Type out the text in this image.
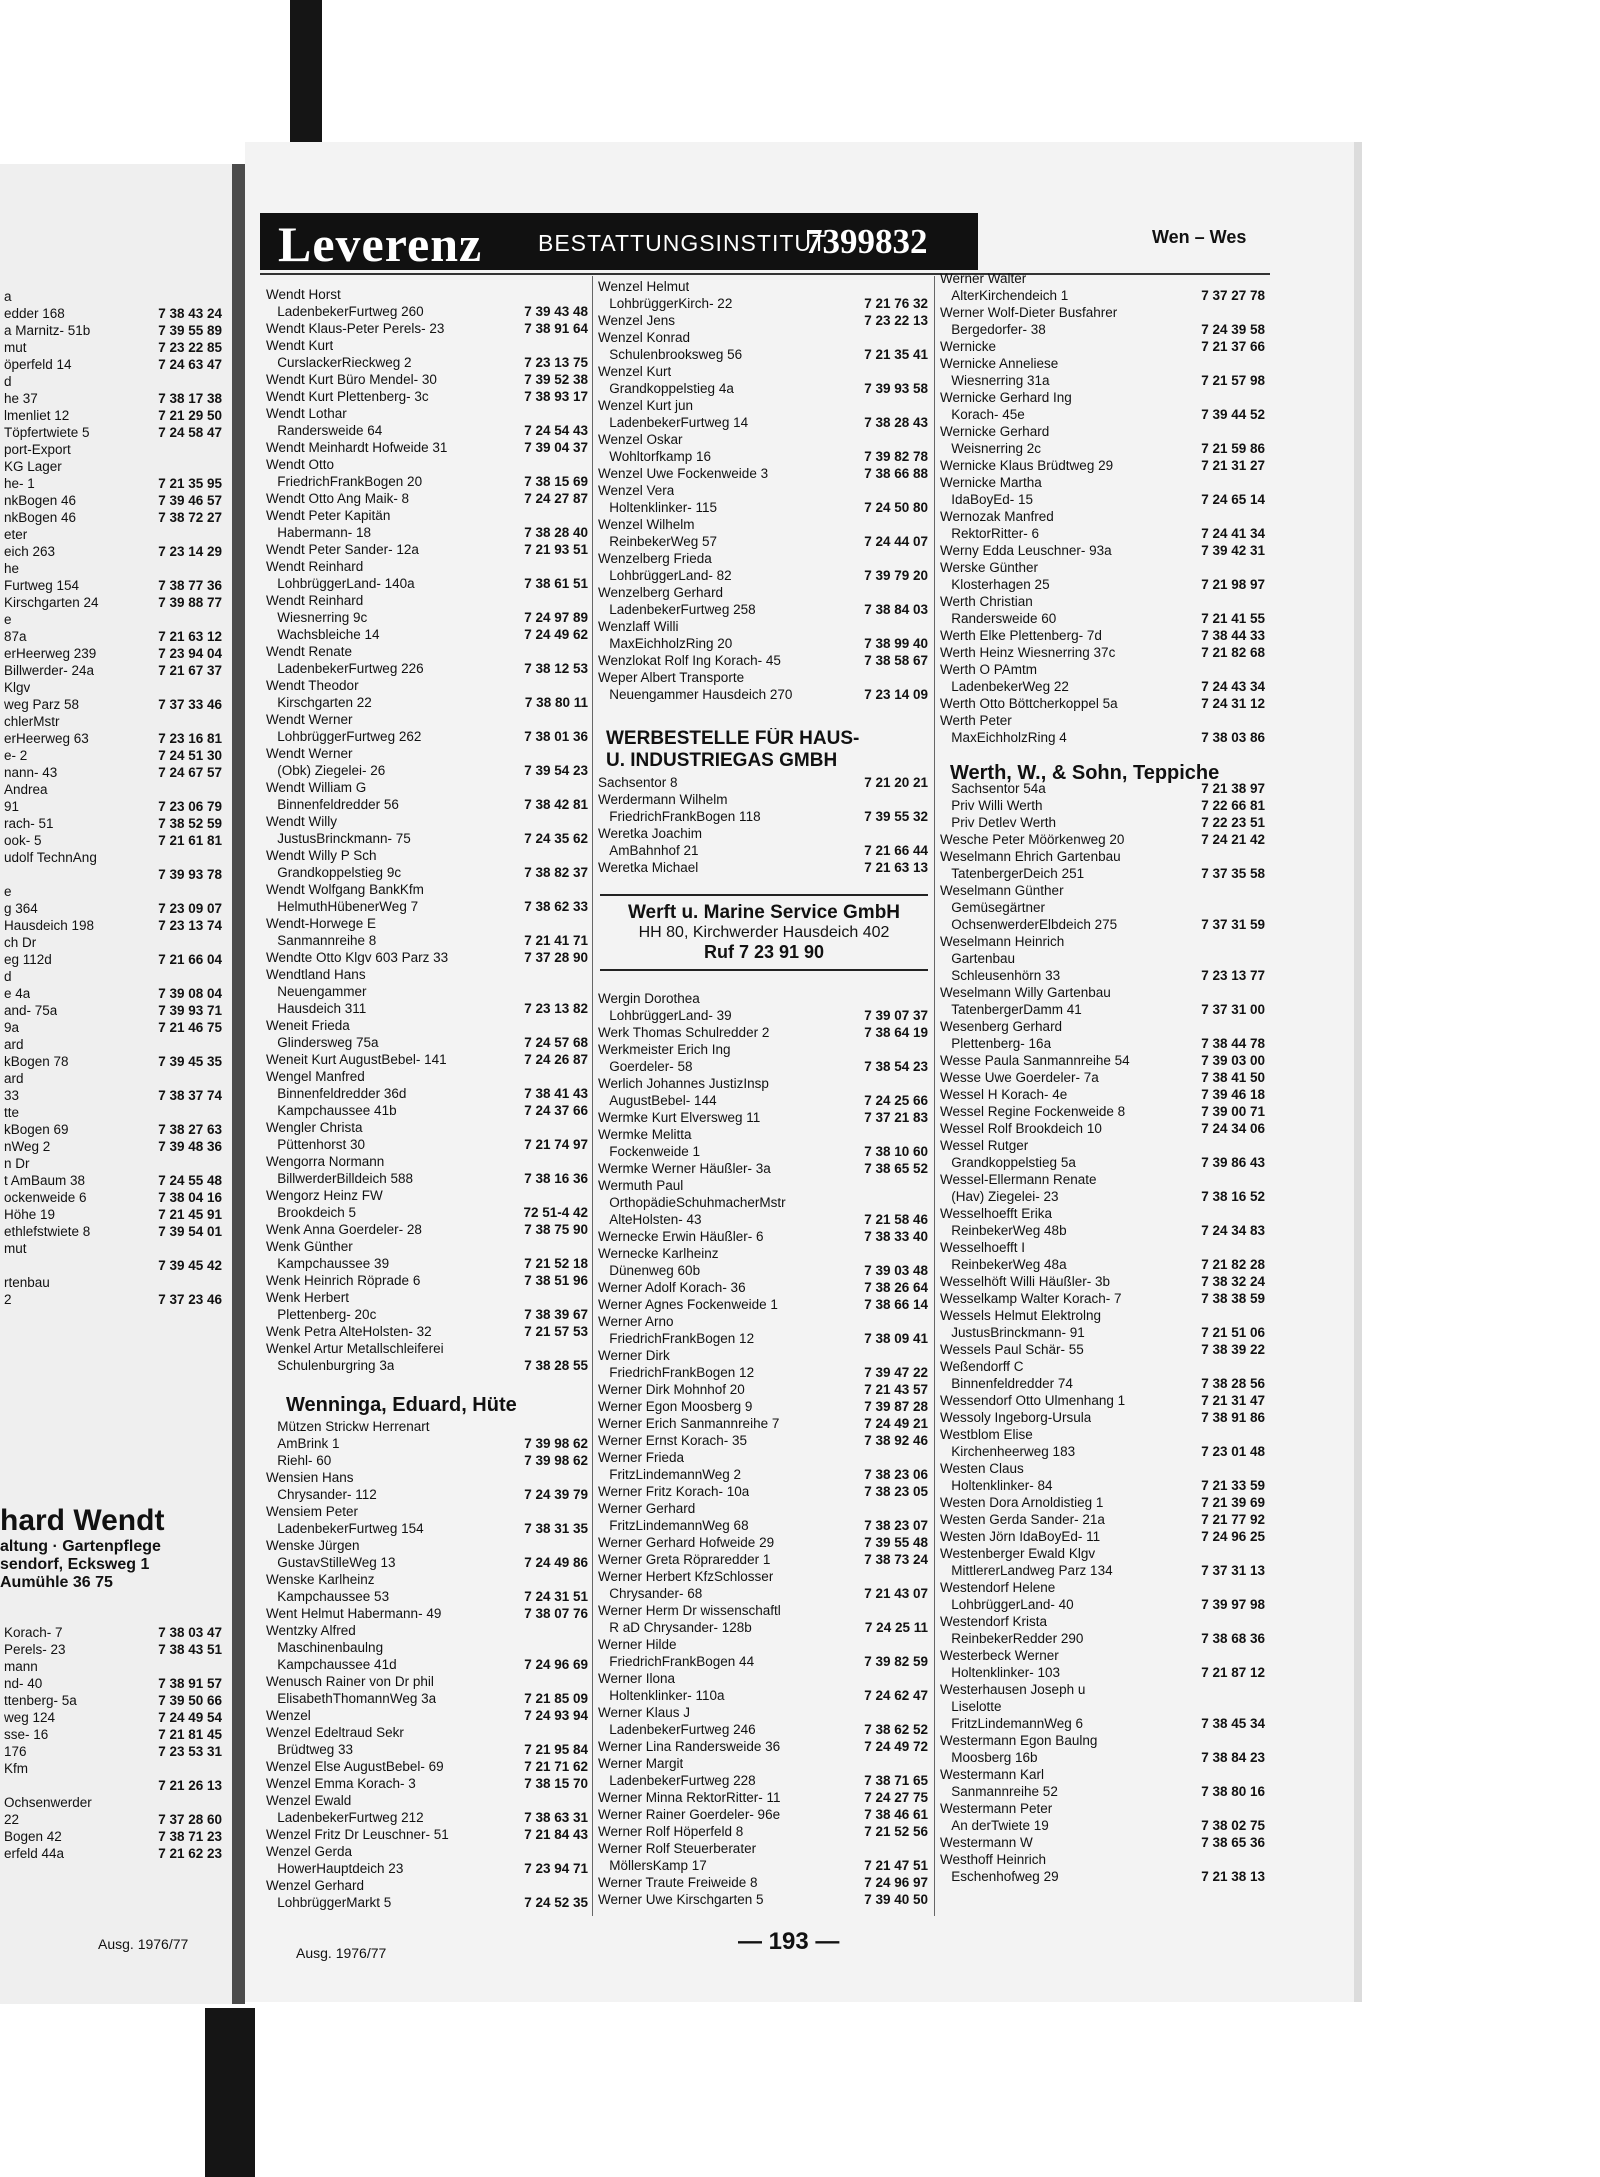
a
edder 168	7 38 43 24
a Marnitz- 51b	7 39 55 89
mut	7 23 22 85
öperfeld 14	7 24 63 47
d
he 37	7 38 17 38
lmenliet 12	7 21 29 50
Töpfertwiete 5	7 24 58 47
port-Export
KG Lager
he- 1	7 21 35 95
nkBogen 46	7 39 46 57
nkBogen 46	7 38 72 27
eter
eich 263	7 23 14 29
he
Furtweg 154	7 38 77 36
Kirschgarten 24	7 39 88 77
e
87a	7 21 63 12
erHeerweg 239	7 23 94 04
Billwerder- 24a	7 21 67 37
Klgv
weg Parz 58	7 37 33 46
chlerMstr
erHeerweg 63	7 23 16 81
e- 2	7 24 51 30
nann- 43	7 24 67 57
Andrea
91	7 23 06 79
rach- 51	7 38 52 59
ook- 5	7 21 61 81
udolf TechnAng
7 39 93 78
e
g 364	7 23 09 07
Hausdeich 198	7 23 13 74
ch Dr
eg 112d	7 21 66 04
d
e 4a	7 39 08 04
and- 75a	7 39 93 71
9a	7 21 46 75
ard
kBogen 78	7 39 45 35
ard
33	7 38 37 74
tte
kBogen 69	7 38 27 63
nWeg 2	7 39 48 36
n Dr
t AmBaum 38	7 24 55 48
ockenweide 6	7 38 04 16
Höhe 19	7 21 45 91
ethlefstwiete 8	7 39 54 01
mut
7 39 45 42
rtenbau
2	7 37 23 46
hard Wendt
altung · Gartenpflege
sendorf, Ecksweg 1
Aumühle 36 75
Korach- 7	7 38 03 47
Perels- 23	7 38 43 51
mann
nd- 40	7 38 91 57
ttenberg- 5a	7 39 50 66
weg 124	7 24 49 54
sse- 16	7 21 81 45
176	7 23 53 31
Kfm
7 21 26 13
Ochsenwerder
22	7 37 28 60
Bogen 42	7 38 71 23
erfeld 44a	7 21 62 23
Ausg. 1976/77
Leverenz BESTATTUNGSINSTITUT
7399832	Wen – Wes
Wendt Horst
LadenbekerFurtweg 260	7 39 43 48
Wendt Klaus-Peter Perels- 23	7 38 91 64
Wendt Kurt
CurslackerRieckweg 2	7 23 13 75
Wendt Kurt Büro Mendel- 30	7 39 52 38
Wendt Kurt Plettenberg- 3c	7 38 93 17
Wendt Lothar
Randersweide 64	7 24 54 43
Wendt Meinhardt Hofweide 31	7 39 04 37
Wendt Otto
FriedrichFrankBogen 20	7 38 15 69
Wendt Otto Ang Maik- 8	7 24 27 87
Wendt Peter Kapitän
Habermann- 18	7 38 28 40
Wendt Peter Sander- 12a	7 21 93 51
Wendt Reinhard
LohbrüggerLand- 140a	7 38 61 51
Wendt Reinhard
Wiesnerring 9c	7 24 97 89
Wachsbleiche 14	7 24 49 62
Wendt Renate
LadenbekerFurtweg 226	7 38 12 53
Wendt Theodor
Kirschgarten 22	7 38 80 11
Wendt Werner
LohbrüggerFurtweg 262	7 38 01 36
Wendt Werner
(Obk) Ziegelei- 26	7 39 54 23
Wendt William G
Binnenfeldredder 56	7 38 42 81
Wendt Willy
JustusBrinckmann- 75	7 24 35 62
Wendt Willy P Sch
Grandkoppelstieg 9c	7 38 82 37
Wendt Wolfgang BankKfm
HelmuthHübenerWeg 7	7 38 62 33
Wendt-Horwege E
Sanmannreihe 8	7 21 41 71
Wendte Otto Klgv 603 Parz 33	7 37 28 90
Wendtland Hans
Neuengammer
Hausdeich 311	7 23 13 82
Weneit Frieda
Glindersweg 75a	7 24 57 68
Weneit Kurt AugustBebel- 141	7 24 26 87
Wengel Manfred
Binnenfeldredder 36d	7 38 41 43
Kampchaussee 41b	7 24 37 66
Wengler Christa
Püttenhorst 30	7 21 74 97
Wengorra Normann
BillwerderBilldeich 588	7 38 16 36
Wengorz Heinz FW
Brookdeich 5	72 51-4 42
Wenk Anna Goerdeler- 28	7 38 75 90
Wenk Günther
Kampchaussee 39	7 21 52 18
Wenk Heinrich Röprade 6	7 38 51 96
Wenk Herbert
Plettenberg- 20c	7 38 39 67
Wenk Petra AlteHolsten- 32	7 21 57 53
Wenkel Artur Metallschleiferei
Schulenburgring 3a	7 38 28 55
Wenninga, Eduard, Hüte
Mützen Strickw Herrenart
AmBrink 1	7 39 98 62
Riehl- 60	7 39 98 62
Wensien Hans
Chrysander- 112	7 24 39 79
Wensiem Peter
LadenbekerFurtweg 154	7 38 31 35
Wenske Jürgen
GustavStilleWeg 13	7 24 49 86
Wenske Karlheinz
Kampchaussee 53	7 24 31 51
Went Helmut Habermann- 49	7 38 07 76
Wentzky Alfred
Maschinenbaulng
Kampchaussee 41d	7 24 96 69
Wenusch Rainer von Dr phil
ElisabethThomannWeg 3a	7 21 85 09
Wenzel	7 24 93 94
Wenzel Edeltraud Sekr
Brüdtweg 33	7 21 95 84
Wenzel Else AugustBebel- 69	7 21 71 62
Wenzel Emma Korach- 3	7 38 15 70
Wenzel Ewald
LadenbekerFurtweg 212	7 38 63 31
Wenzel Fritz Dr Leuschner- 51	7 21 84 43
Wenzel Gerda
HowerHauptdeich 23	7 23 94 71
Wenzel Gerhard
LohbrüggerMarkt 5	7 24 52 35
Wenzel Helmut
LohbrüggerKirch- 22	7 21 76 32
Wenzel Jens	7 23 22 13
Wenzel Konrad
Schulenbrooksweg 56	7 21 35 41
Wenzel Kurt
Grandkoppelstieg 4a	7 39 93 58
Wenzel Kurt jun
LadenbekerFurtweg 14	7 38 28 43
Wenzel Oskar
Wohltorfkamp 16	7 39 82 78
Wenzel Uwe Fockenweide 3	7 38 66 88
Wenzel Vera
Holtenklinker- 115	7 24 50 80
Wenzel Wilhelm
ReinbekerWeg 57	7 24 44 07
Wenzelberg Frieda
LohbrüggerLand- 82	7 39 79 20
Wenzelberg Gerhard
LadenbekerFurtweg 258	7 38 84 03
Wenzlaff Willi
MaxEichholzRing 20	7 38 99 40
Wenzlokat Rolf Ing Korach- 45	7 38 58 67
Weper Albert Transporte
Neuengammer Hausdeich 270	7 23 14 09
WERBESTELLE FÜR HAUS-
U. INDUSTRIEGAS GMBH
Sachsentor 8	7 21 20 21
Werdermann Wilhelm
FriedrichFrankBogen 118	7 39 55 32
Weretka Joachim
AmBahnhof 21	7 21 66 44
Weretka Michael	7 21 63 13
Werft u. Marine Service GmbH
HH 80, Kirchwerder Hausdeich 402
Ruf 7 23 91 90
Wergin Dorothea
LohbrüggerLand- 39	7 39 07 37
Werk Thomas Schulredder 2	7 38 64 19
Werkmeister Erich Ing
Goerdeler- 58	7 38 54 23
Werlich Johannes JustizInsp
AugustBebel- 144	7 24 25 66
Wermke Kurt Elversweg 11	7 37 21 83
Wermke Melitta
Fockenweide 1	7 38 10 60
Wermke Werner Häußler- 3a	7 38 65 52
Wermuth Paul
OrthopädieSchuhmacherMstr
AlteHolsten- 43	7 21 58 46
Wernecke Erwin Häußler- 6	7 38 33 40
Wernecke Karlheinz
Dünenweg 60b	7 39 03 48
Werner Adolf Korach- 36	7 38 26 64
Werner Agnes Fockenweide 1	7 38 66 14
Werner Arno
FriedrichFrankBogen 12	7 38 09 41
Werner Dirk
FriedrichFrankBogen 12	7 39 47 22
Werner Dirk Mohnhof 20	7 21 43 57
Werner Egon Moosberg 9	7 39 87 28
Werner Erich Sanmannreihe 7	7 24 49 21
Werner Ernst Korach- 35	7 38 92 46
Werner Frieda
FritzLindemannWeg 2	7 38 23 06
Werner Fritz Korach- 10a	7 38 23 05
Werner Gerhard
FritzLindemannWeg 68	7 38 23 07
Werner Gerhard Hofweide 29	7 39 55 48
Werner Greta Röpraredder 1	7 38 73 24
Werner Herbert KfzSchlosser
Chrysander- 68	7 21 43 07
Werner Herm Dr wissenschaftl
R aD Chrysander- 128b	7 24 25 11
Werner Hilde
FriedrichFrankBogen 44	7 39 82 59
Werner Ilona
Holtenklinker- 110a	7 24 62 47
Werner Klaus J
LadenbekerFurtweg 246	7 38 62 52
Werner Lina Randersweide 36	7 24 49 72
Werner Margit
LadenbekerFurtweg 228	7 38 71 65
Werner Minna RektorRitter- 11	7 24 27 75
Werner Rainer Goerdeler- 96e	7 38 46 61
Werner Rolf Höperfeld 8	7 21 52 56
Werner Rolf Steuerberater
MöllersKamp 17	7 21 47 51
Werner Traute Freiweide 8	7 24 96 97
Werner Uwe Kirschgarten 5	7 39 40 50
Werner Walter
AlterKirchendeich 1	7 37 27 78
Werner Wolf-Dieter Busfahrer
Bergedorfer- 38	7 24 39 58
Wernicke	7 21 37 66
Wernicke Anneliese
Wiesnerring 31a	7 21 57 98
Wernicke Gerhard Ing
Korach- 45e	7 39 44 52
Wernicke Gerhard
Weisnerring 2c	7 21 59 86
Wernicke Klaus Brüdtweg 29	7 21 31 27
Wernicke Martha
IdaBoyEd- 15	7 24 65 14
Wernozak Manfred
RektorRitter- 6	7 24 41 34
Werny Edda Leuschner- 93a	7 39 42 31
Werske Günther
Klosterhagen 25	7 21 98 97
Werth Christian
Randersweide 60	7 21 41 55
Werth Elke Plettenberg- 7d	7 38 44 33
Werth Heinz Wiesnerring 37c	7 21 82 68
Werth O PAmtm
LadenbekerWeg 22	7 24 43 34
Werth Otto Böttcherkoppel 5a	7 24 31 12
Werth Peter
MaxEichholzRing 4	7 38 03 86
Werth, W., & Sohn, Teppiche
Sachsentor 54a	7 21 38 97
Priv Willi Werth	7 22 66 81
Priv Detlev Werth	7 22 23 51
Wesche Peter Möörkenweg 20	7 24 21 42
Weselmann Ehrich Gartenbau
TatenbergerDeich 251	7 37 35 58
Weselmann Günther
Gemüsegärtner
OchsenwerderElbdeich 275	7 37 31 59
Weselmann Heinrich
Gartenbau
Schleusenhörn 33	7 23 13 77
Weselmann Willy Gartenbau
TatenbergerDamm 41	7 37 31 00
Wesenberg Gerhard
Plettenberg- 16a	7 38 44 78
Wesse Paula Sanmannreihe 54	7 39 03 00
Wesse Uwe Goerdeler- 7a	7 38 41 50
Wessel H Korach- 4e	7 39 46 18
Wessel Regine Fockenweide 8	7 39 00 71
Wessel Rolf Brookdeich 10	7 24 34 06
Wessel Rutger
Grandkoppelstieg 5a	7 39 86 43
Wessel-Ellermann Renate
(Hav) Ziegelei- 23	7 38 16 52
Wesselhoefft Erika
ReinbekerWeg 48b	7 24 34 83
Wesselhoefft I
ReinbekerWeg 48a	7 21 82 28
Wesselhöft Willi Häußler- 3b	7 38 32 24
Wesselkamp Walter Korach- 7	7 38 38 59
Wessels Helmut Elektrolng
JustusBrinckmann- 91	7 21 51 06
Wessels Paul Schär- 55	7 38 39 22
Weßendorff C
Binnenfeldredder 74	7 38 28 56
Wessendorf Otto Ulmenhang 1	7 21 31 47
Wessoly Ingeborg-Ursula	7 38 91 86
Westblom Elise
Kirchenheerweg 183	7 23 01 48
Westen Claus
Holtenklinker- 84	7 21 33 59
Westen Dora Arnoldistieg 1	7 21 39 69
Westen Gerda Sander- 21a	7 21 77 92
Westen Jörn IdaBoyEd- 11	7 24 96 25
Westenberger Ewald Klgv
MittlererLandweg Parz 134	7 37 31 13
Westendorf Helene
LohbrüggerLand- 40	7 39 97 98
Westendorf Krista
ReinbekerRedder 290	7 38 68 36
Westerbeck Werner
Holtenklinker- 103	7 21 87 12
Westerhausen Joseph u
Liselotte
FritzLindemannWeg 6	7 38 45 34
Westermann Egon Baulng
Moosberg 16b	7 38 84 23
Westermann Karl
Sanmannreihe 52	7 38 80 16
Westermann Peter
An derTwiete 19	7 38 02 75
Westermann W	7 38 65 36
Westhoff Heinrich
Eschenhofweg 29	7 21 38 13
Ausg. 1976/77	— 193 —
